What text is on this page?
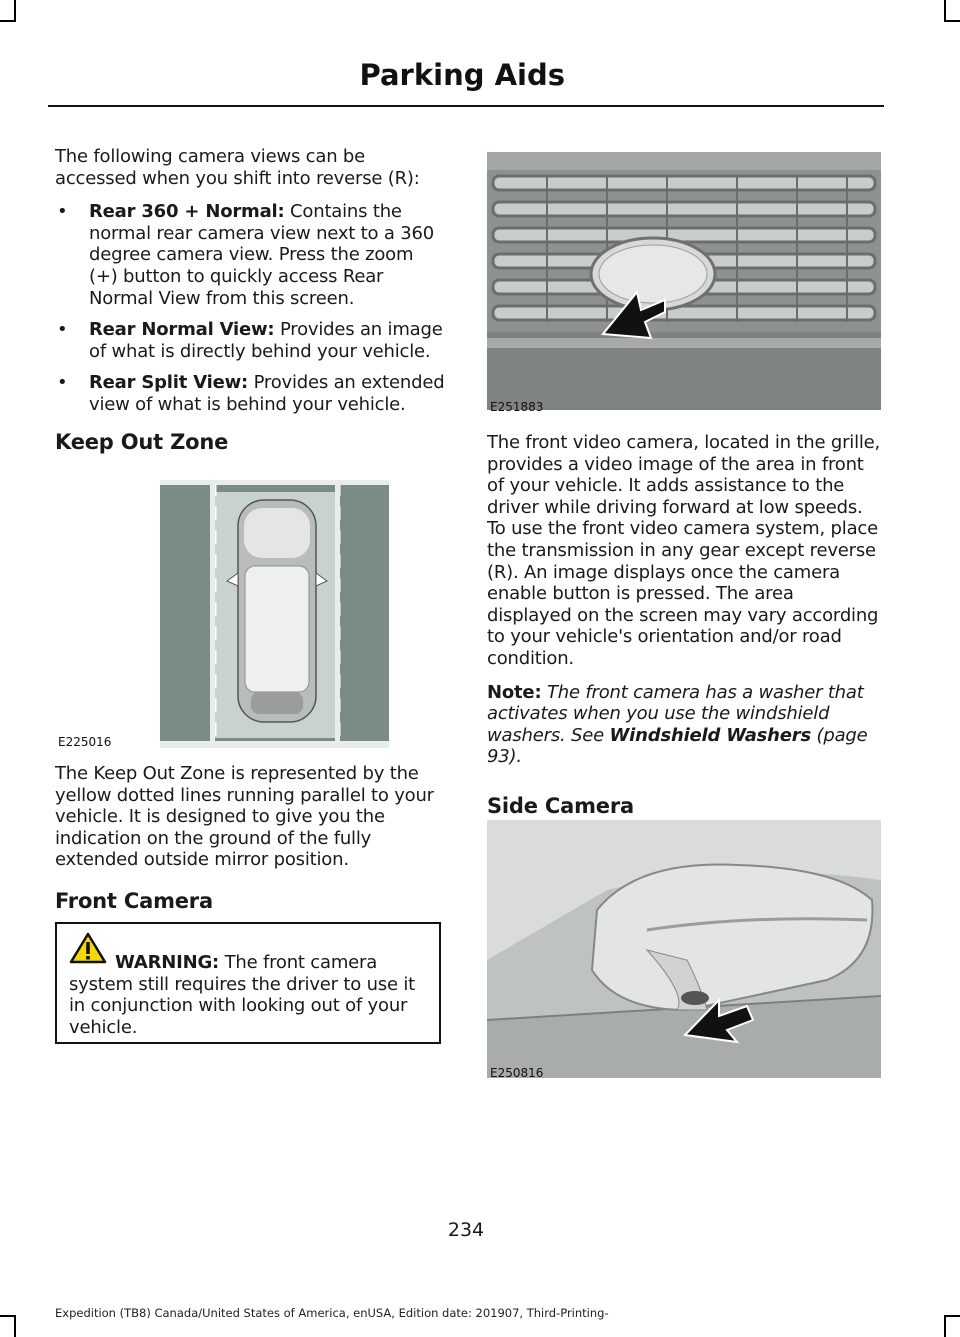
Parking Aids

The following camera views can be accessed when you shift into reverse (R):

• Rear 360 + Normal: Contains the normal rear camera view next to a 360 degree camera view. Press the zoom (+) button to quickly access Rear Normal View from this screen.
• Rear Normal View: Provides an image of what is directly behind your vehicle.
• Rear Split View: Provides an extended view of what is behind your vehicle.
Keep Out Zone
E225016

The Keep Out Zone is represented by the yellow dotted lines running parallel to your vehicle. It is designed to give you the indication on the ground of the fully extended outside mirror position.

Front Camera

WARNING: The front camera system still requires the driver to use it in conjunction with looking out of your vehicle.

E251883

The front video camera, located in the grille, provides a video image of the area in front of your vehicle. It adds assistance to the driver while driving forward at low speeds. To use the front video camera system, place the transmission in any gear except reverse (R). An image displays once the camera enable button is pressed. The area displayed on the screen may vary according to your vehicle's orientation and/or road condition.

Note: The front camera has a washer that activates when you use the windshield washers. See Windshield Washers (page 93).

Side Camera
E250816
234
Expedition (TB8) Canada/United States of America, enUSA, Edition date: 201907, Third-Printing-
